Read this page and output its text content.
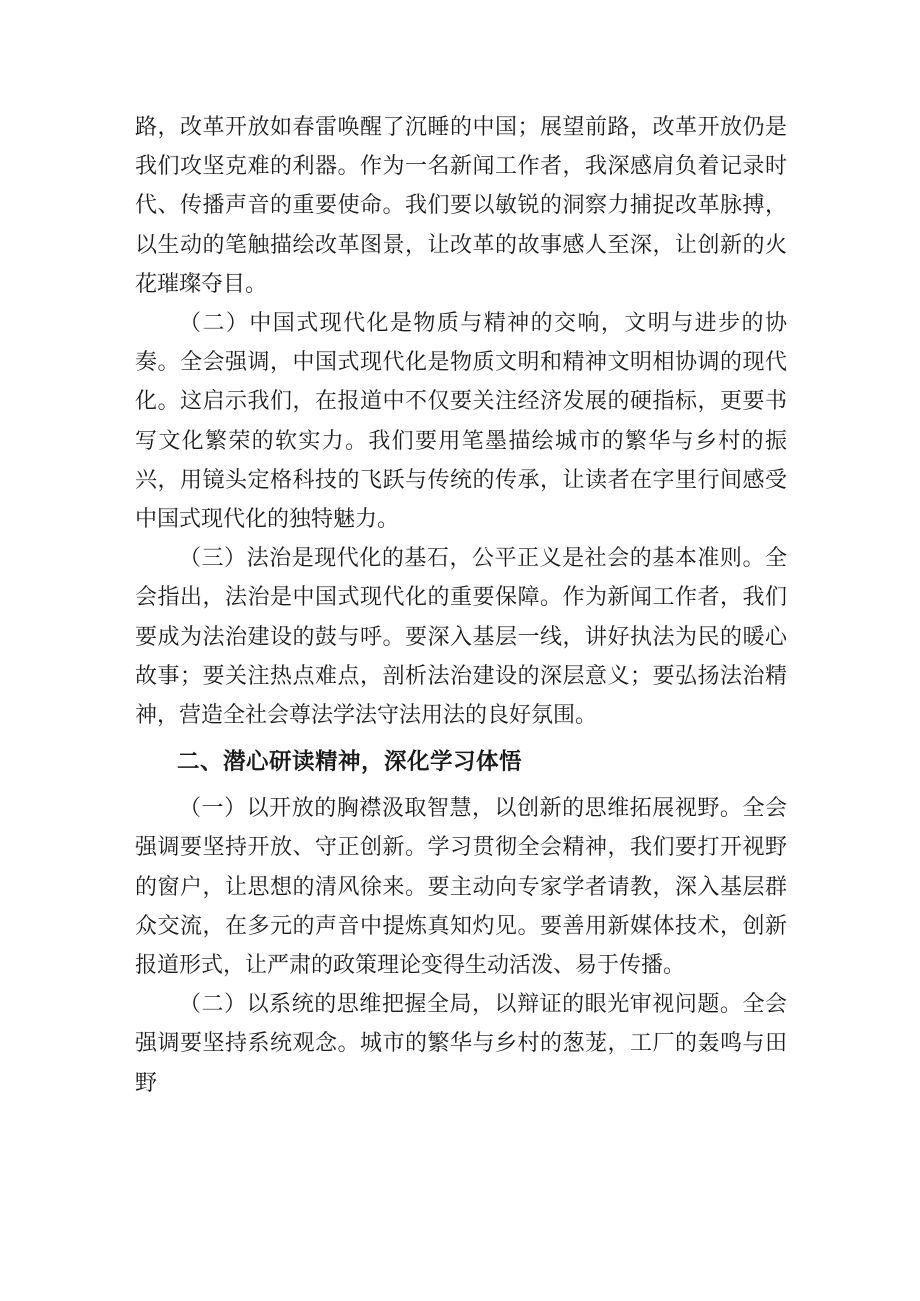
路，改革开放如春雷唤醒了沉睡的中国；展望前路，改革开放仍是我们攻坚克难的利器。作为一名新闻工作者，我深感肩负着记录时代、传播声音的重要使命。我们要以敏锐的洞察力捕捉改革脉搏，以生动的笔触描绘改革图景，让改革的故事感人至深，让创新的火花璀璨夺目。

（二）中国式现代化是物质与精神的交响，文明与进步的协奏。全会强调，中国式现代化是物质文明和精神文明相协调的现代化。这启示我们，在报道中不仅要关注经济发展的硬指标，更要书写文化繁荣的软实力。我们要用笔墨描绘城市的繁华与乡村的振兴，用镜头定格科技的飞跃与传统的传承，让读者在字里行间感受中国式现代化的独特魅力。

（三）法治是现代化的基石，公平正义是社会的基本准则。全会指出，法治是中国式现代化的重要保障。作为新闻工作者，我们要成为法治建设的鼓与呼。要深入基层一线，讲好执法为民的暖心故事；要关注热点难点，剖析法治建设的深层意义；要弘扬法治精神，营造全社会尊法学法守法用法的良好氛围。

二、潜心研读精神，深化学习体悟

（一）以开放的胸襟汲取智慧，以创新的思维拓展视野。全会强调要坚持开放、守正创新。学习贯彻全会精神，我们要打开视野的窗户，让思想的清风徐来。要主动向专家学者请教，深入基层群众交流，在多元的声音中提炼真知灼见。要善用新媒体技术，创新报道形式，让严肃的政策理论变得生动活泼、易于传播。

（二）以系统的思维把握全局，以辩证的眼光审视问题。全会强调要坚持系统观念。城市的繁华与乡村的葱茏，工厂的轰鸣与田野
